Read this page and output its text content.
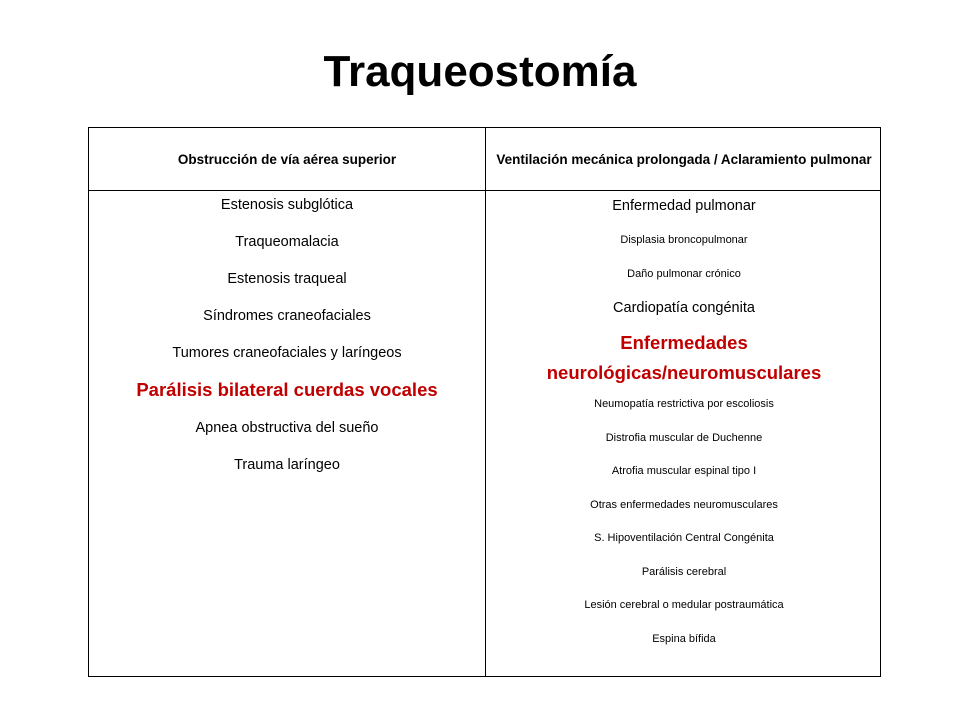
Traqueostomía
Obstrucción de vía aérea superior	Ventilación mecánica prolongada / Aclaramiento pulmonar

Estenosis subglótica

Traqueomalacia

Estenosis traqueal

Síndromes craneofaciales

Tumores craneofaciales y laríngeos

Parálisis bilateral cuerdas vocales

Apnea obstructiva del sueño

Trauma laríngeo

Enfermedad pulmonar

Displasia broncopulmonar

Daño pulmonar crónico

Cardiopatía congénita

Enfermedades neurológicas/neuromusculares

Neumopatía restrictiva por escoliosis

Distrofia muscular de Duchenne

Atrofia muscular espinal tipo I

Otras enfermedades neuromusculares

S. Hipoventilación Central Congénita

Parálisis cerebral

Lesión cerebral o medular postraumática

Espina bífida
